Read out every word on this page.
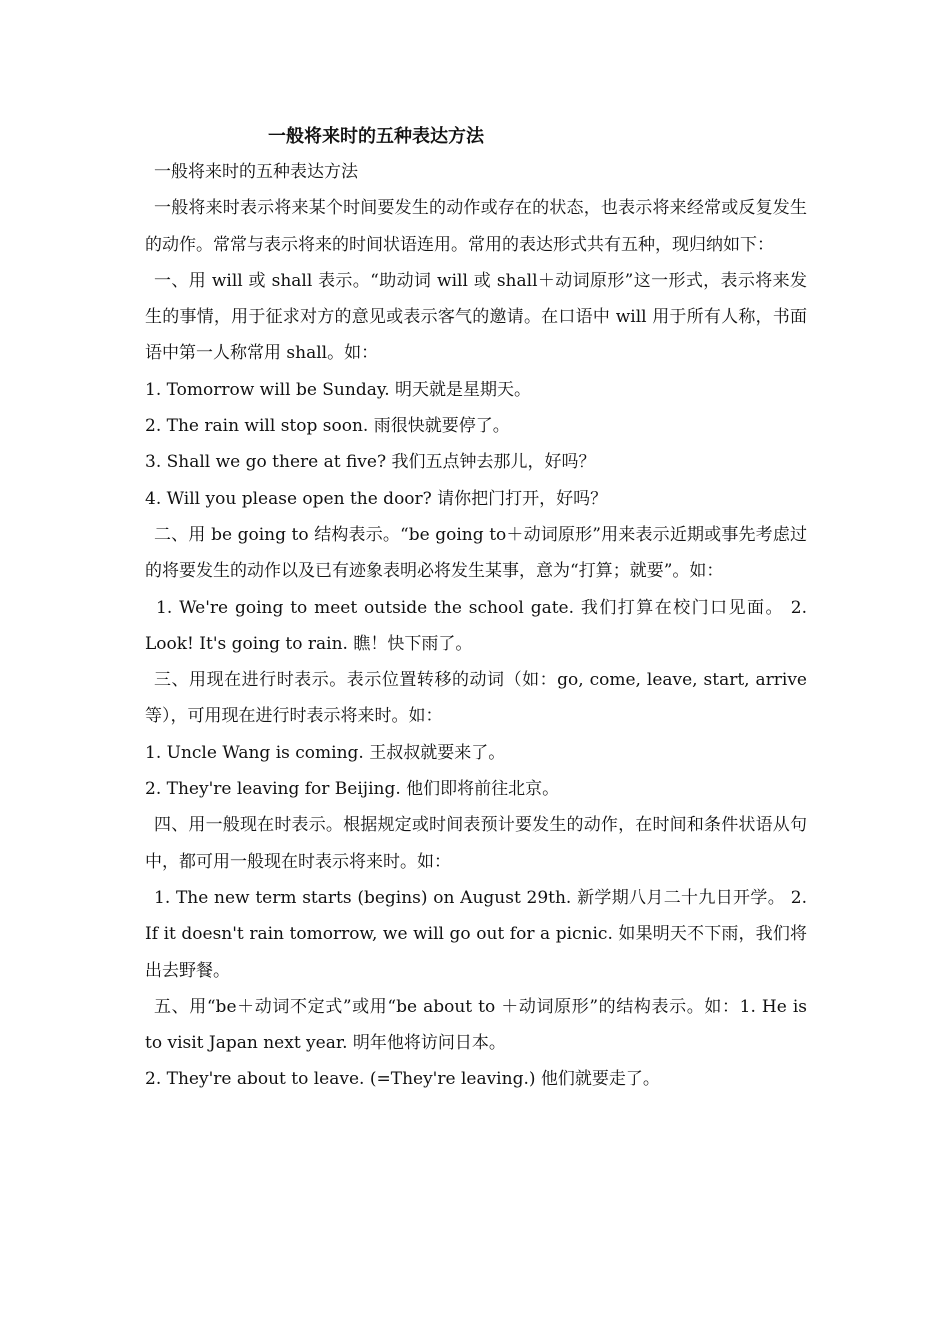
一般将来时的五种表达方法

一般将来时的五种表达方法

一般将来时表示将来某个时间要发生的动作或存在的状态，也表示将来经常或反复发生的动作。常常与表示将来的时间状语连用。常用的表达形式共有五种，现归纳如下：

一、用 will 或 shall 表示。“助动词 will 或 shall＋动词原形”这一形式，表示将来发生的事情，用于征求对方的意见或表示客气的邀请。在口语中 will 用于所有人称，书面语中第一人称常用 shall。如：

1. Tomorrow will be Sunday. 明天就是星期天。

2. The rain will stop soon. 雨很快就要停了。

3. Shall we go there at five? 我们五点钟去那儿，好吗？

4. Will you please open the door? 请你把门打开，好吗？

二、用 be going to 结构表示。“be going to＋动词原形”用来表示近期或事先考虑过的将要发生的动作以及已有迹象表明必将发生某事，意为“打算；就要”。如：

1. We're going to meet outside the school gate. 我们打算在校门口见面。 2. Look! It's going to rain. 瞧！快下雨了。

三、用现在进行时表示。表示位置转移的动词（如：go, come, leave, start, arrive 等），可用现在进行时表示将来时。如：

1. Uncle Wang is coming. 王叔叔就要来了。

2. They're leaving for Beijing. 他们即将前往北京。

四、用一般现在时表示。根据规定或时间表预计要发生的动作，在时间和条件状语从句中，都可用一般现在时表示将来时。如：

1. The new term starts (begins) on August 29th. 新学期八月二十九日开学。 2. If it doesn't rain tomorrow, we will go out for a picnic. 如果明天不下雨，我们将出去野餐。

五、用“be＋动词不定式”或用“be about to ＋动词原形”的结构表示。如：1. He is to visit Japan next year. 明年他将访问日本。

2. They're about to leave. (=They're leaving.) 他们就要走了。
